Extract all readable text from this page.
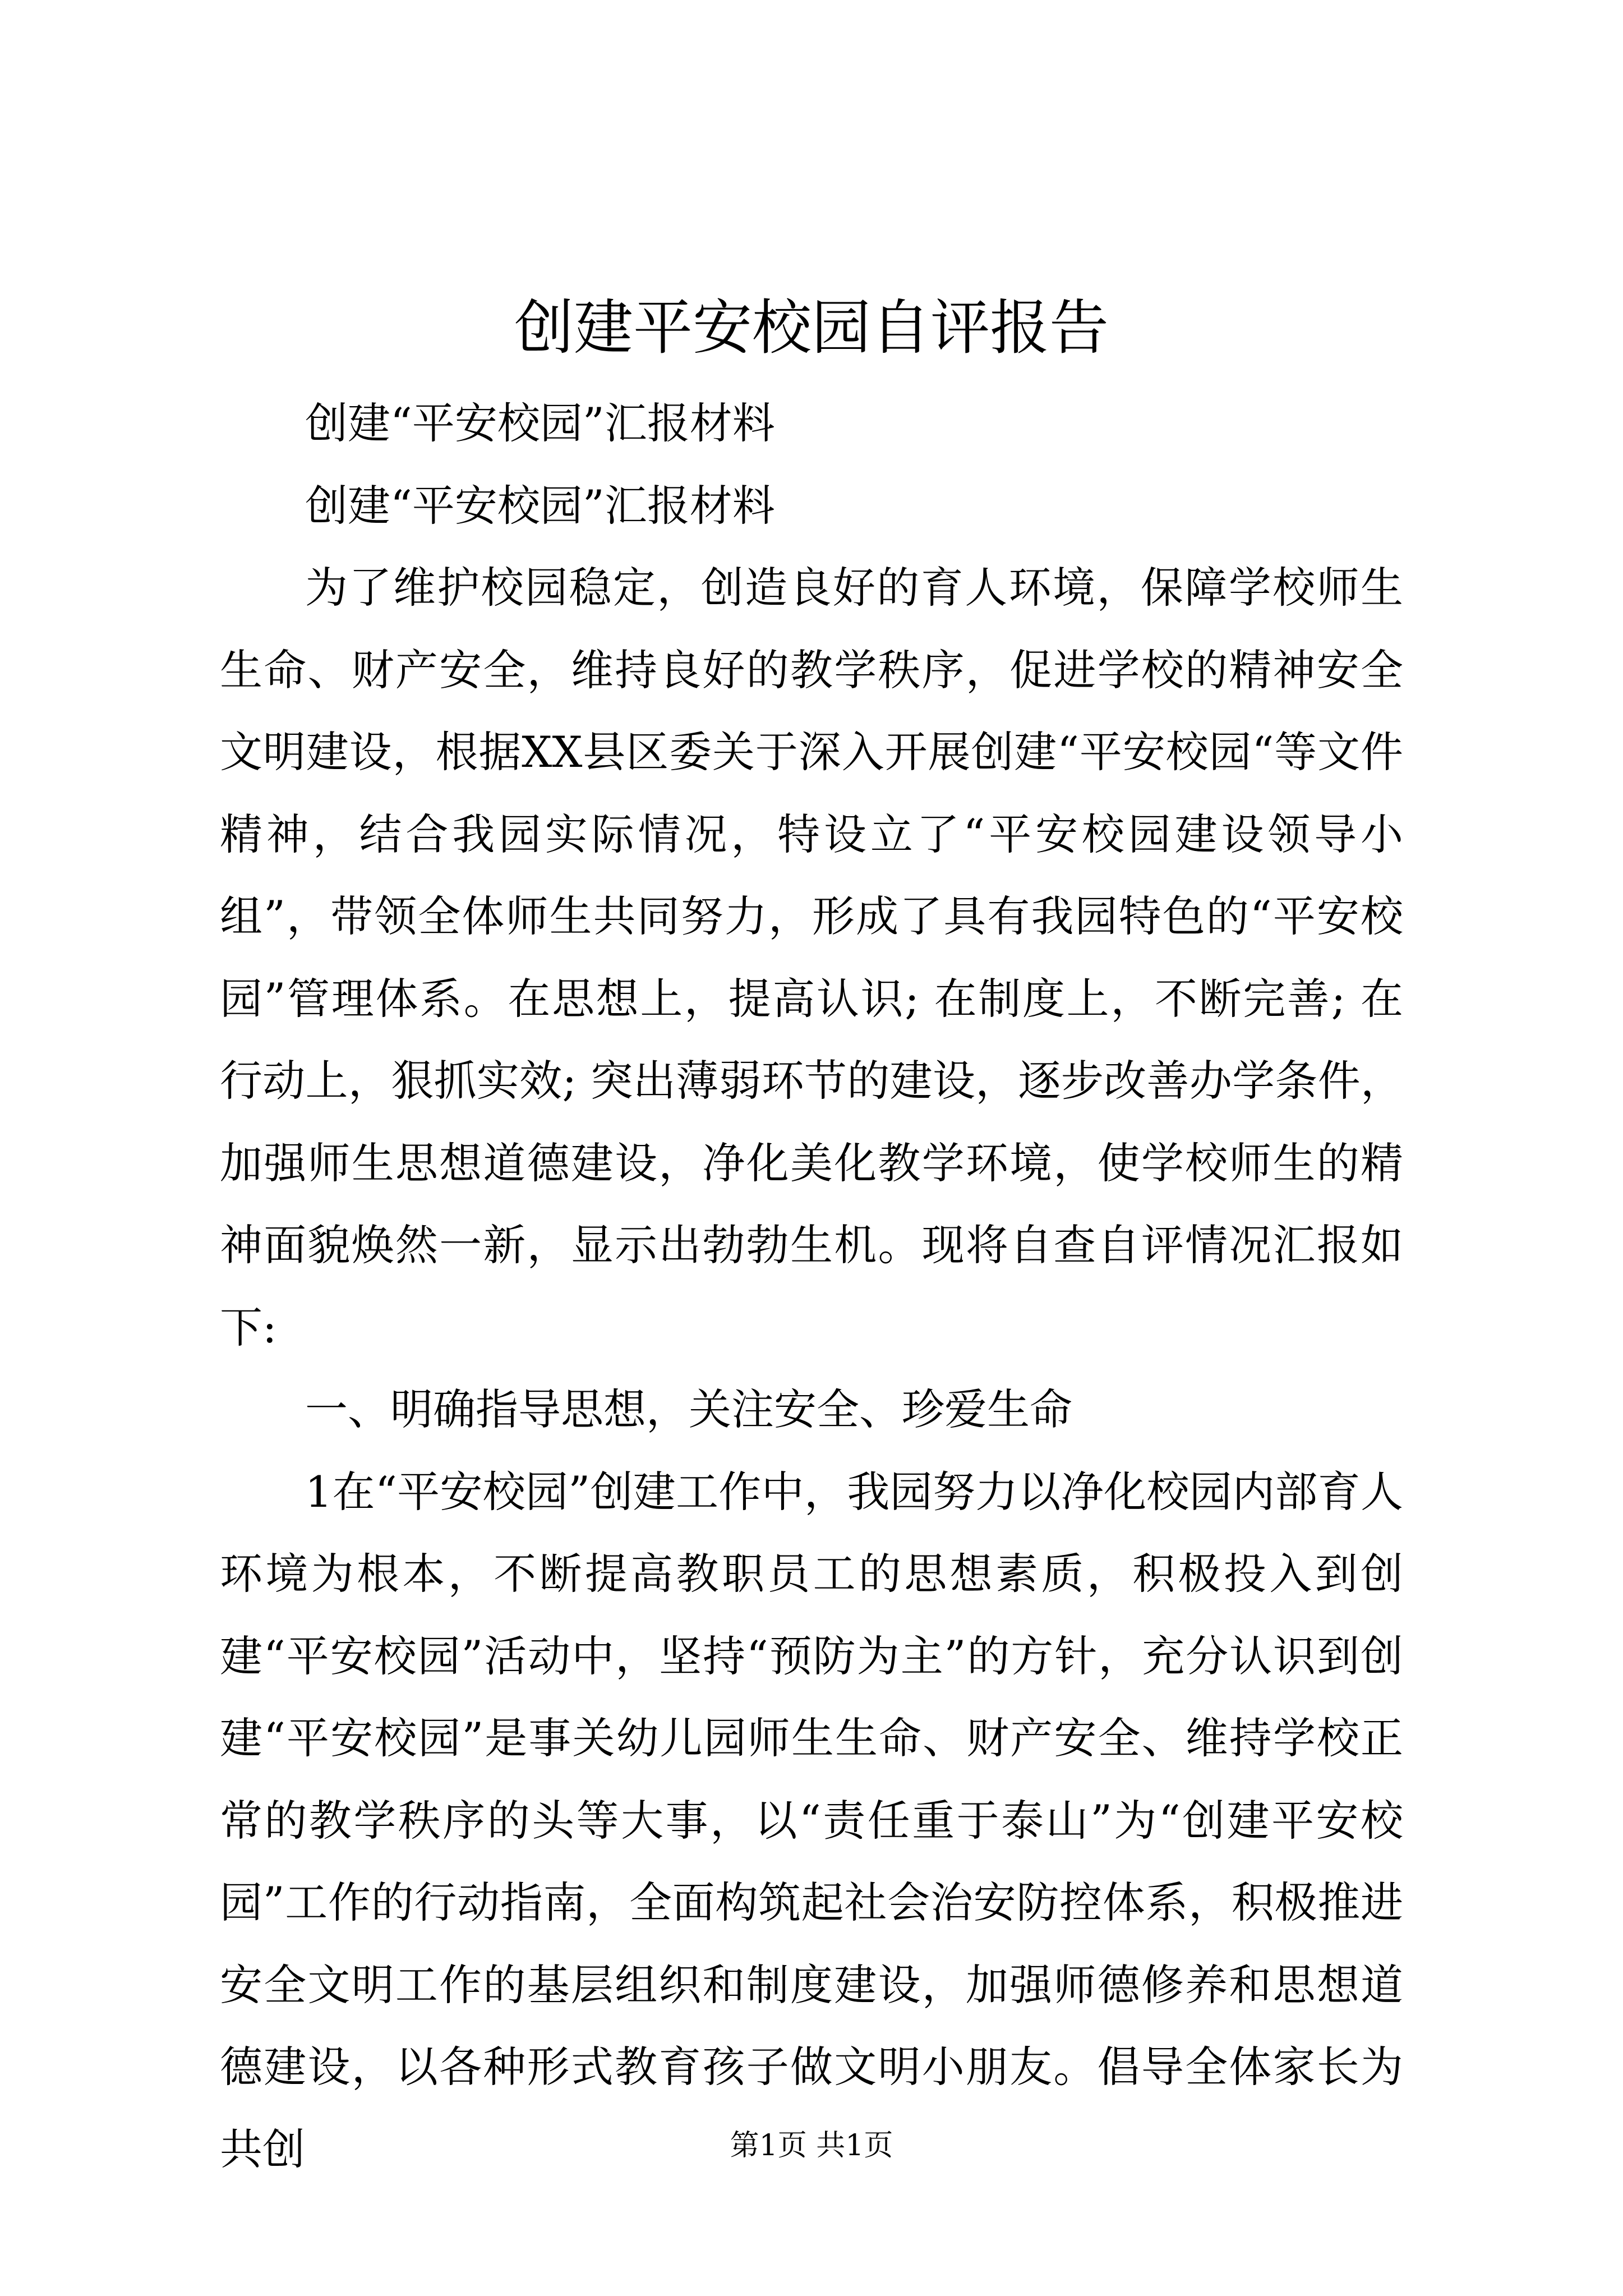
创建平安校园自评报告

创建“平安校园”汇报材料

创建“平安校园”汇报材料

为了维护校园稳定，创造良好的育人环境，保障学校师生生命、财产安全，维持良好的教学秩序，促进学校的精神安全文明建设，根据XX县区委关于深入开展创建“平安校园“等文件精神，结合我园实际情况，特设立了“平安校园建设领导小组”，带领全体师生共同努力，形成了具有我园特色的“平安校园”管理体系。在思想上，提高认识; 在制度上，不断完善; 在行动上，狠抓实效; 突出薄弱环节的建设，逐步改善办学条件，加强师生思想道德建设，净化美化教学环境，使学校师生的精神面貌焕然一新，显示出勃勃生机。现将自查自评情况汇报如下:

一、明确指导思想，关注安全、珍爱生命

1在“平安校园”创建工作中，我园努力以净化校园内部育人环境为根本，不断提高教职员工的思想素质，积极投入到创建“平安校园”活动中，坚持“预防为主”的方针，充分认识到创建“平安校园”是事关幼儿园师生生命、财产安全、维持学校正常的教学秩序的头等大事，以“责任重于泰山”为“创建平安校园”工作的行动指南，全面构筑起社会治安防控体系，积极推进安全文明工作的基层组织和制度建设，加强师德修养和思想道德建设，以各种形式教育孩子做文明小朋友。倡导全体家长为共创	第1页 共1页
